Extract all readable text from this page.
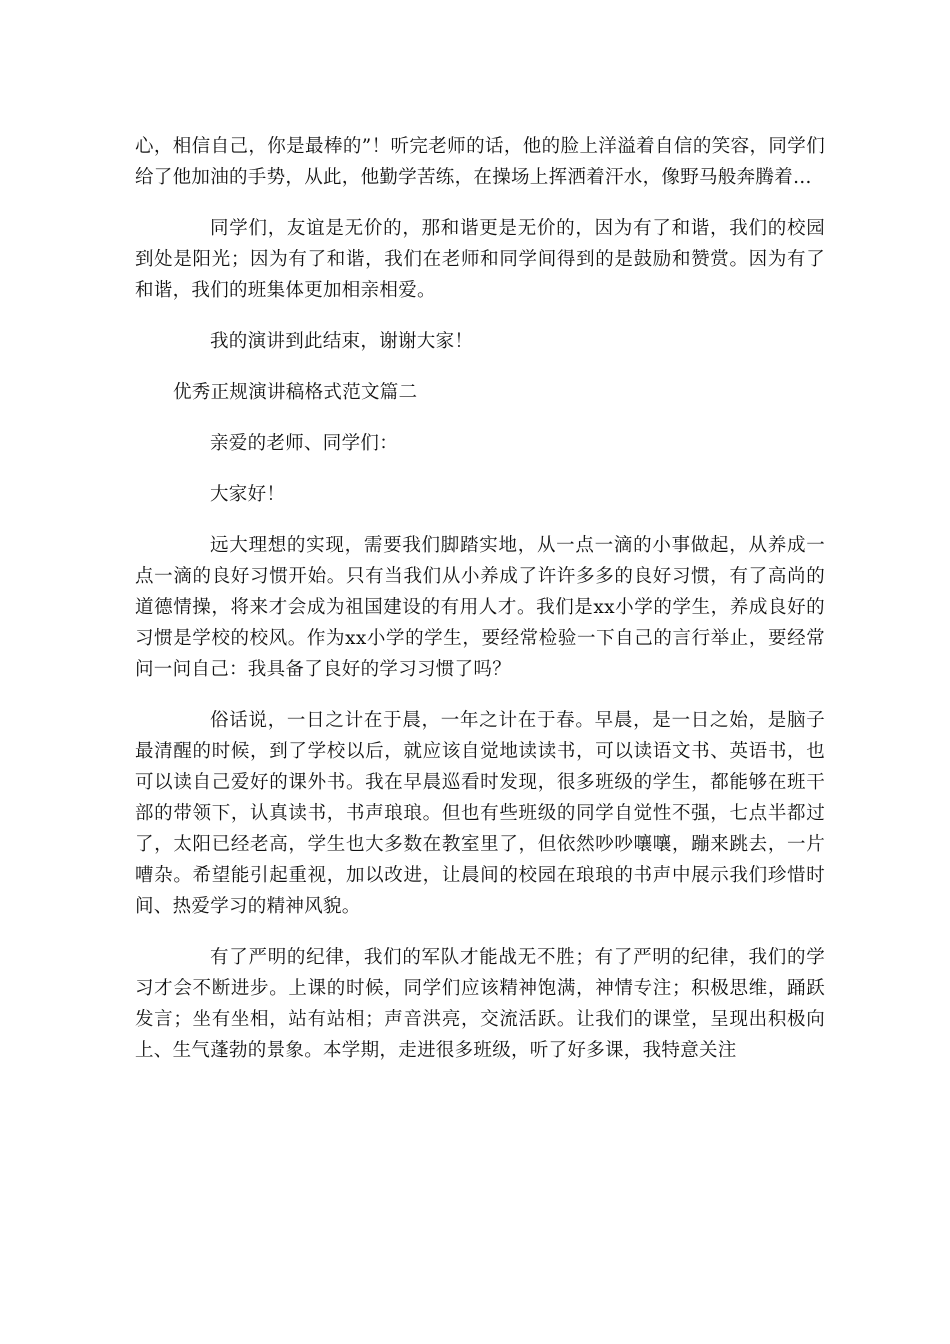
心，相信自己，你是最棒的”！听完老师的话，他的脸上洋溢着自信的笑容，同学们给了他加油的手势，从此，他勤学苦练，在操场上挥洒着汗水，像野马般奔腾着…

同学们，友谊是无价的，那和谐更是无价的，因为有了和谐，我们的校园到处是阳光；因为有了和谐，我们在老师和同学间得到的是鼓励和赞赏。因为有了和谐，我们的班集体更加相亲相爱。

我的演讲到此结束，谢谢大家！

优秀正规演讲稿格式范文篇二

亲爱的老师、同学们：

大家好！

远大理想的实现，需要我们脚踏实地，从一点一滴的小事做起，从养成一点一滴的良好习惯开始。只有当我们从小养成了许许多多的良好习惯，有了高尚的道德情操，将来才会成为祖国建设的有用人才。我们是xx小学的学生，养成良好的习惯是学校的校风。作为xx小学的学生，要经常检验一下自己的言行举止，要经常问一问自己：我具备了良好的学习习惯了吗？

俗话说，一日之计在于晨，一年之计在于春。早晨，是一日之始，是脑子最清醒的时候，到了学校以后，就应该自觉地读读书，可以读语文书、英语书，也可以读自己爱好的课外书。我在早晨巡看时发现，很多班级的学生，都能够在班干部的带领下，认真读书，书声琅琅。但也有些班级的同学自觉性不强，七点半都过了，太阳已经老高，学生也大多数在教室里了，但依然吵吵嚷嚷，蹦来跳去，一片嘈杂。希望能引起重视，加以改进，让晨间的校园在琅琅的书声中展示我们珍惜时间、热爱学习的精神风貌。

有了严明的纪律，我们的军队才能战无不胜；有了严明的纪律，我们的学习才会不断进步。上课的时候，同学们应该精神饱满，神情专注；积极思维，踊跃发言；坐有坐相，站有站相；声音洪亮，交流活跃。让我们的课堂，呈现出积极向上、生气蓬勃的景象。本学期，走进很多班级，听了好多课，我特意关注
